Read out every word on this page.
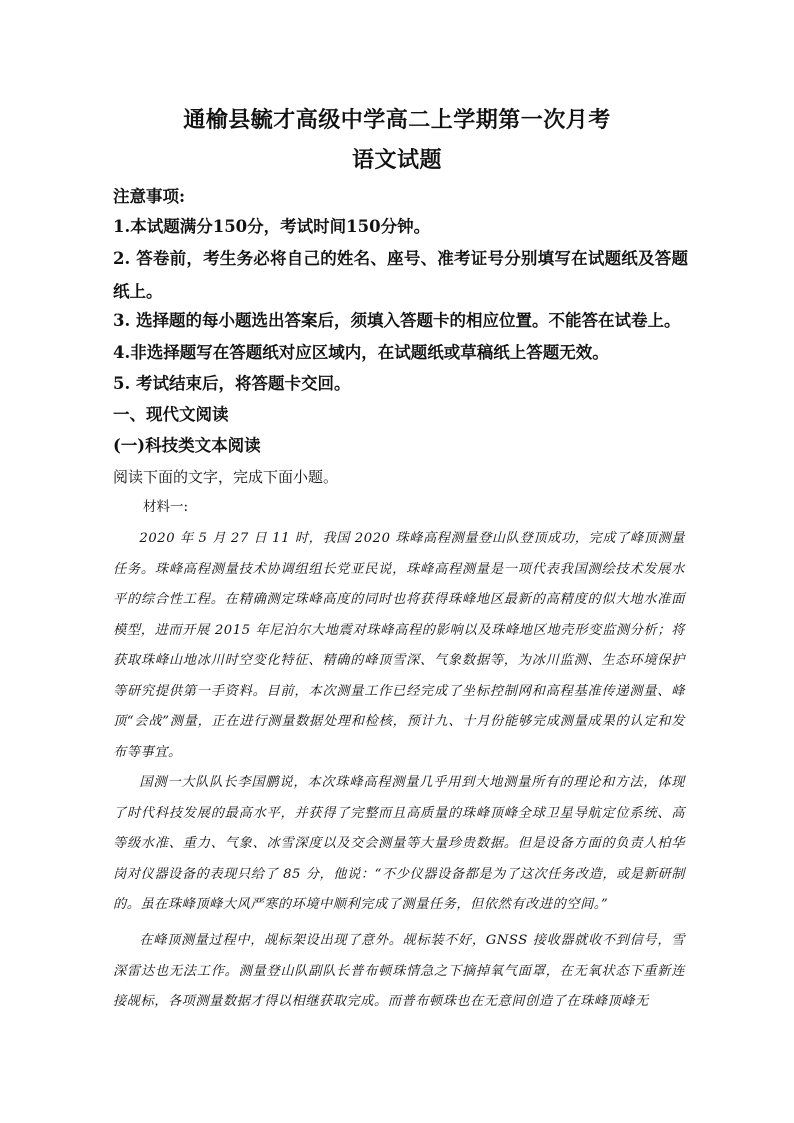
通榆县毓才高级中学高二上学期第一次月考
语文试题
注意事项:
1.本试题满分150分，考试时间150分钟。
2. 答卷前，考生务必将自己的姓名、座号、准考证号分别填写在试题纸及答题纸上。
3. 选择题的每小题选出答案后，须填入答题卡的相应位置。不能答在试卷上。
4.非选择题写在答题纸对应区域内，在试题纸或草稿纸上答题无效。
5. 考试结束后，将答题卡交回。
一、现代文阅读
(一)科技类文本阅读
阅读下面的文字，完成下面小题。
材料一:
2020 年 5 月 27 日 11 时，我国 2020 珠峰高程测量登山队登顶成功，完成了峰顶测量任务。珠峰高程测量技术协调组组长党亚民说，珠峰高程测量是一项代表我国测绘技术发展水平的综合性工程。在精确测定珠峰高度的同时也将获得珠峰地区最新的高精度的似大地水准面模型，进而开展 2015 年尼泊尔大地震对珠峰高程的影响以及珠峰地区地壳形变监测分析；将获取珠峰山地冰川时空变化特征、精确的峰顶雪深、气象数据等，为冰川监测、生态环境保护等研究提供第一手资料。目前，本次测量工作已经完成了坐标控制网和高程基准传递测量、峰顶“会战”测量，正在进行测量数据处理和检核，预计九、十月份能够完成测量成果的认定和发布等事宜。
国测一大队队长李国鹏说，本次珠峰高程测量几乎用到大地测量所有的理论和方法，体现了时代科技发展的最高水平，并获得了完整而且高质量的珠峰顶峰全球卫星导航定位系统、高等级水准、重力、气象、冰雪深度以及交会测量等大量珍贵数据。但是设备方面的负责人柏华岗对仪器设备的表现只给了 85 分，他说：“不少仪器设备都是为了这次任务改造，或是新研制的。虽在珠峰顶峰大风严寒的环境中顺利完成了测量任务，但依然有改进的空间。”
在峰顶测量过程中，觇标架设出现了意外。觇标装不好，GNSS 接收器就收不到信号，雪深雷达也无法工作。测量登山队副队长普布顿珠情急之下摘掉氧气面罩，在无氧状态下重新连接觇标，各项测量数据才得以相继获取完成。而普布顿珠也在无意间创造了在珠峰顶峰无
